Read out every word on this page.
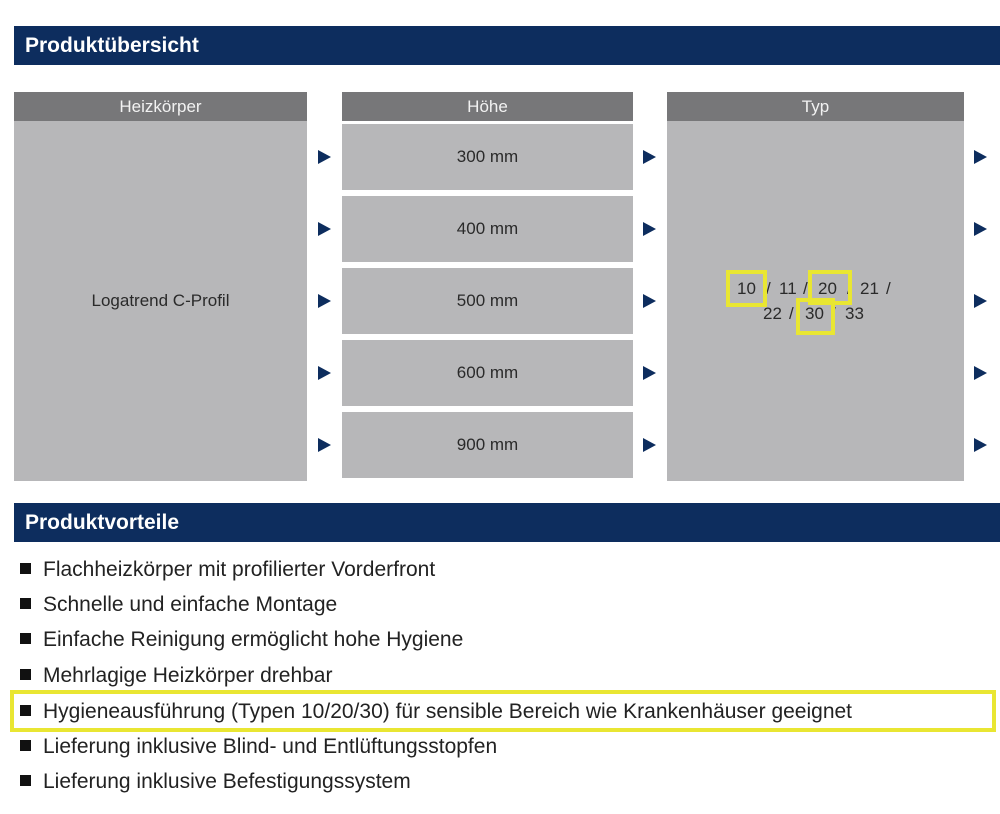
Produktübersicht
Heizkörper
Logatrend C-Profil
Höhe
300 mm
400 mm
500 mm
600 mm
900 mm
Typ
10 / 11 / 20 / 21 /
22 / 30 / 33
Produktvorteile
Flachheizkörper mit profilierter Vorderfront
Schnelle und einfache Montage
Einfache Reinigung ermöglicht hohe Hygiene
Mehrlagige Heizkörper drehbar
Hygieneausführung (Typen 10/20/30) für sensible Bereich wie Krankenhäuser geeignet
Lieferung inklusive Blind- und Entlüftungsstopfen
Lieferung inklusive Befestigungssystem
